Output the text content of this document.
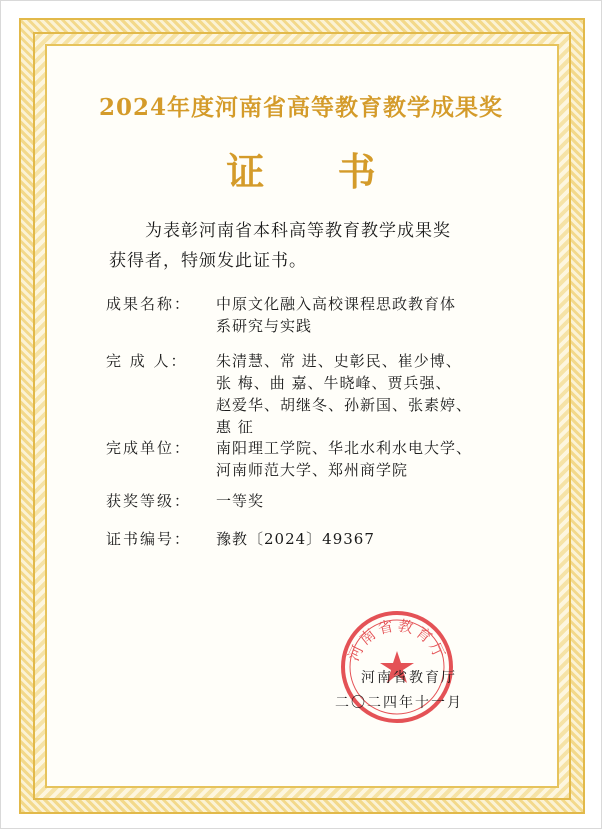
2024年度河南省高等教育教学成果奖
证 书
为表彰河南省本科高等教育教学成果奖
获得者，特颁发此证书。
成果名称：	中原文化融入高校课程思政教育体
系研究与实践
完 成 人：	朱清慧、常 进、史彰民、崔少博、
张 梅、曲 嘉、牛晓峰、贾兵强、
赵爱华、胡继冬、孙新国、张素婷、
惠 征
完成单位：	南阳理工学院、华北水利水电大学、
河南师范大学、郑州商学院
获奖等级：	一等奖
证书编号：	豫教〔2024〕49367
河南省教育厅
河南省教育厅
二〇二四年十一月
